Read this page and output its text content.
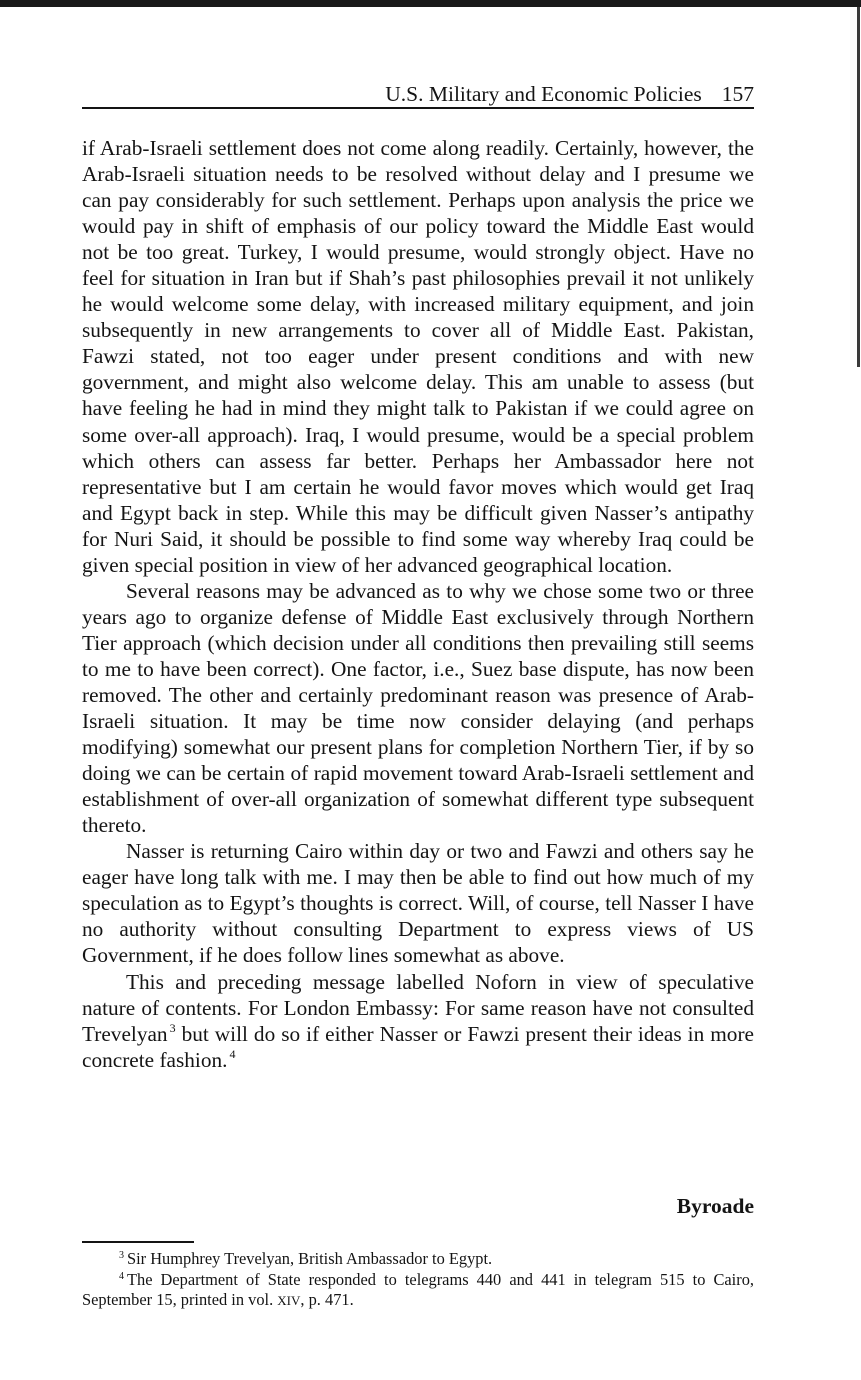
U.S. Military and Economic Policies 157

if Arab-Israeli settlement does not come along readily. Certainly, however, the Arab-Israeli situation needs to be resolved without delay and I presume we can pay considerably for such settlement. Perhaps upon analysis the price we would pay in shift of emphasis of our policy toward the Middle East would not be too great. Turkey, I would presume, would strongly object. Have no feel for situation in Iran but if Shah’s past philosophies prevail it not unlikely he would welcome some delay, with increased military equipment, and join subsequently in new arrangements to cover all of Middle East. Pakistan, Fawzi stated, not too eager under present conditions and with new government, and might also welcome delay. This am unable to assess (but have feeling he had in mind they might talk to Pakistan if we could agree on some over-all approach). Iraq, I would presume, would be a special problem which others can assess far better. Perhaps her Ambassador here not representative but I am certain he would favor moves which would get Iraq and Egypt back in step. While this may be difficult given Nasser’s antipathy for Nuri Said, it should be possible to find some way whereby Iraq could be given special position in view of her advanced geographical location.

Several reasons may be advanced as to why we chose some two or three years ago to organize defense of Middle East exclusively through Northern Tier approach (which decision under all conditions then prevailing still seems to me to have been correct). One factor, i.e., Suez base dispute, has now been removed. The other and certainly predominant reason was presence of Arab-Israeli situation. It may be time now consider delaying (and perhaps modifying) somewhat our present plans for completion Northern Tier, if by so doing we can be certain of rapid movement toward Arab-Israeli settlement and establishment of over-all organization of somewhat different type subsequent thereto.

Nasser is returning Cairo within day or two and Fawzi and others say he eager have long talk with me. I may then be able to find out how much of my speculation as to Egypt’s thoughts is correct. Will, of course, tell Nasser I have no authority without consulting Department to express views of US Government, if he does follow lines somewhat as above.

This and preceding message labelled Noforn in view of speculative nature of contents. For London Embassy: For same reason have not consulted Trevelyan $^3$ but will do so if either Nasser or Fawzi present their ideas in more concrete fashion. $^4$

Byroade

$^3$ Sir Humphrey Trevelyan, British Ambassador to Egypt.

$^4$ The Department of State responded to telegrams 440 and 441 in telegram 515 to Cairo, September 15, printed in vol. XIV, p. 471.
